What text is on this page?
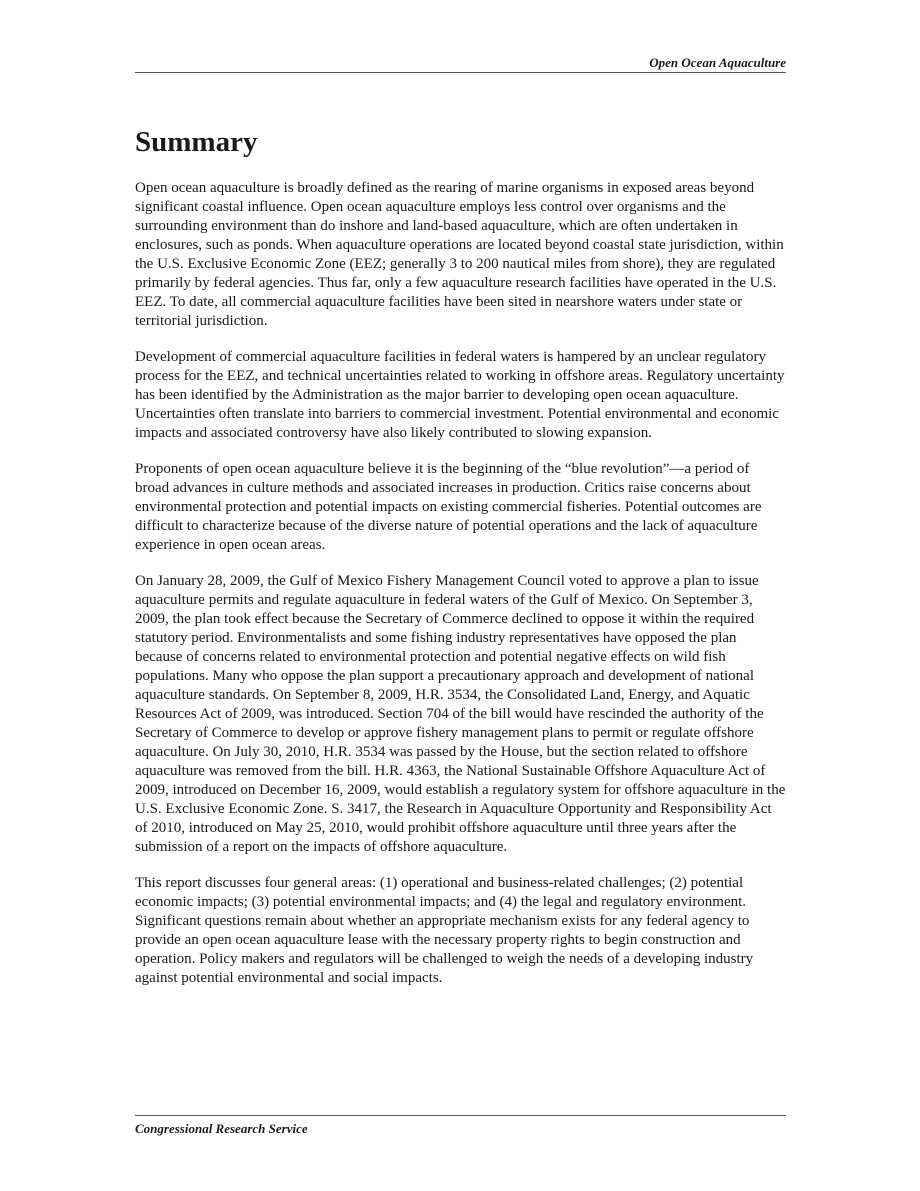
Open Ocean Aquaculture
Summary

Open ocean aquaculture is broadly defined as the rearing of marine organisms in exposed areas beyond significant coastal influence. Open ocean aquaculture employs less control over organisms and the surrounding environment than do inshore and land-based aquaculture, which are often undertaken in enclosures, such as ponds. When aquaculture operations are located beyond coastal state jurisdiction, within the U.S. Exclusive Economic Zone (EEZ; generally 3 to 200 nautical miles from shore), they are regulated primarily by federal agencies. Thus far, only a few aquaculture research facilities have operated in the U.S. EEZ. To date, all commercial aquaculture facilities have been sited in nearshore waters under state or territorial jurisdiction.

Development of commercial aquaculture facilities in federal waters is hampered by an unclear regulatory process for the EEZ, and technical uncertainties related to working in offshore areas. Regulatory uncertainty has been identified by the Administration as the major barrier to developing open ocean aquaculture. Uncertainties often translate into barriers to commercial investment. Potential environmental and economic impacts and associated controversy have also likely contributed to slowing expansion.

Proponents of open ocean aquaculture believe it is the beginning of the “blue revolution”—a period of broad advances in culture methods and associated increases in production. Critics raise concerns about environmental protection and potential impacts on existing commercial fisheries. Potential outcomes are difficult to characterize because of the diverse nature of potential operations and the lack of aquaculture experience in open ocean areas.

On January 28, 2009, the Gulf of Mexico Fishery Management Council voted to approve a plan to issue aquaculture permits and regulate aquaculture in federal waters of the Gulf of Mexico. On September 3, 2009, the plan took effect because the Secretary of Commerce declined to oppose it within the required statutory period. Environmentalists and some fishing industry representatives have opposed the plan because of concerns related to environmental protection and potential negative effects on wild fish populations. Many who oppose the plan support a precautionary approach and development of national aquaculture standards. On September 8, 2009, H.R. 3534, the Consolidated Land, Energy, and Aquatic Resources Act of 2009, was introduced. Section 704 of the bill would have rescinded the authority of the Secretary of Commerce to develop or approve fishery management plans to permit or regulate offshore aquaculture. On July 30, 2010, H.R. 3534 was passed by the House, but the section related to offshore aquaculture was removed from the bill. H.R. 4363, the National Sustainable Offshore Aquaculture Act of 2009, introduced on December 16, 2009, would establish a regulatory system for offshore aquaculture in the U.S. Exclusive Economic Zone. S. 3417, the Research in Aquaculture Opportunity and Responsibility Act of 2010, introduced on May 25, 2010, would prohibit offshore aquaculture until three years after the submission of a report on the impacts of offshore aquaculture.

This report discusses four general areas: (1) operational and business-related challenges; (2) potential economic impacts; (3) potential environmental impacts; and (4) the legal and regulatory environment. Significant questions remain about whether an appropriate mechanism exists for any federal agency to provide an open ocean aquaculture lease with the necessary property rights to begin construction and operation. Policy makers and regulators will be challenged to weigh the needs of a developing industry against potential environmental and social impacts.

Congressional Research Service
